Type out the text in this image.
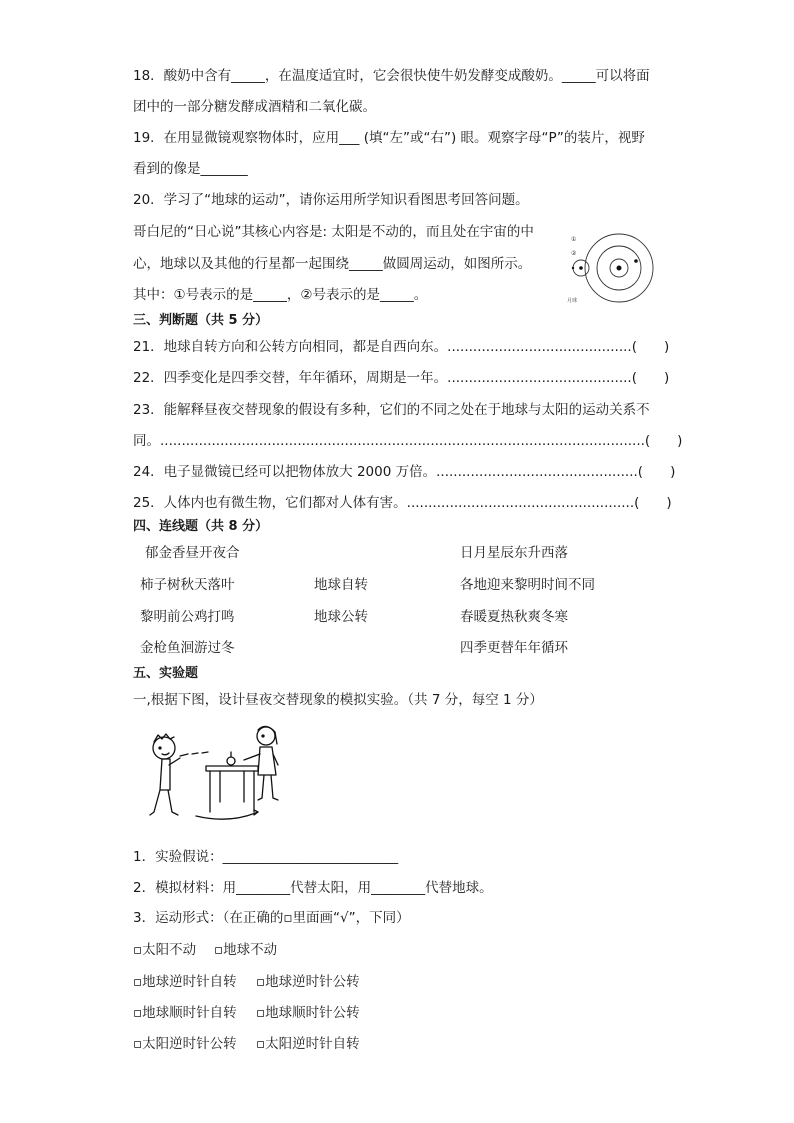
18．酸奶中含有_____，在温度适宜时，它会很快使牛奶发酵变成酸奶。_____可以将面
团中的一部分糖发酵成酒精和二氧化碳。
19．在用显微镜观察物体时，应用___ (填“左”或“右”) 眼。观察字母“P”的装片，视野
看到的像是_______
20．学习了“地球的运动”，请你运用所学知识看图思考回答问题。
哥白尼的“日心说”其核心内容是: 太阳是不动的，而且处在宇宙的中
心，地球以及其他的行星都一起围绕_____做圆周运动，如图所示。
其中：①号表示的是_____，②号表示的是_____。
①
②
月球
三、判断题（共 5 分）
21．地球自转方向和公转方向相同，都是自西向东。...........................................(　　)
22．四季变化是四季交替，年年循环，周期是一年。...........................................(　　)
23．能解释昼夜交替现象的假设有多种，它们的不同之处在于地球与太阳的运动关系不
同。.................................................................................................................(　　)
24．电子显微镜已经可以把物体放大 2000 万倍。...............................................(　　)
25．人体内也有微生物，它们都对人体有害。.....................................................(　　)
四、连线题（共 8 分）
郁金香昼开夜合
柿子树秋天落叶
黎明前公鸡打鸣
金枪鱼洄游过冬
地球自转
地球公转
日月星辰东升西落
各地迎来黎明时间不同
春暖夏热秋爽冬寒
四季更替年年循环
五、实验题
一,根据下图，设计昼夜交替现象的模拟实验。（共 7 分，每空 1 分）
1．实验假说：__________________________
2．模拟材料：用________代替太阳，用________代替地球。
3．运动形式：（在正确的▫里面画“√”，下同）
▫太阳不动 ▫地球不动
▫地球逆时针自转 ▫地球逆时针公转
▫地球顺时针自转 ▫地球顺时针公转
▫太阳逆时针公转 ▫太阳逆时针自转
